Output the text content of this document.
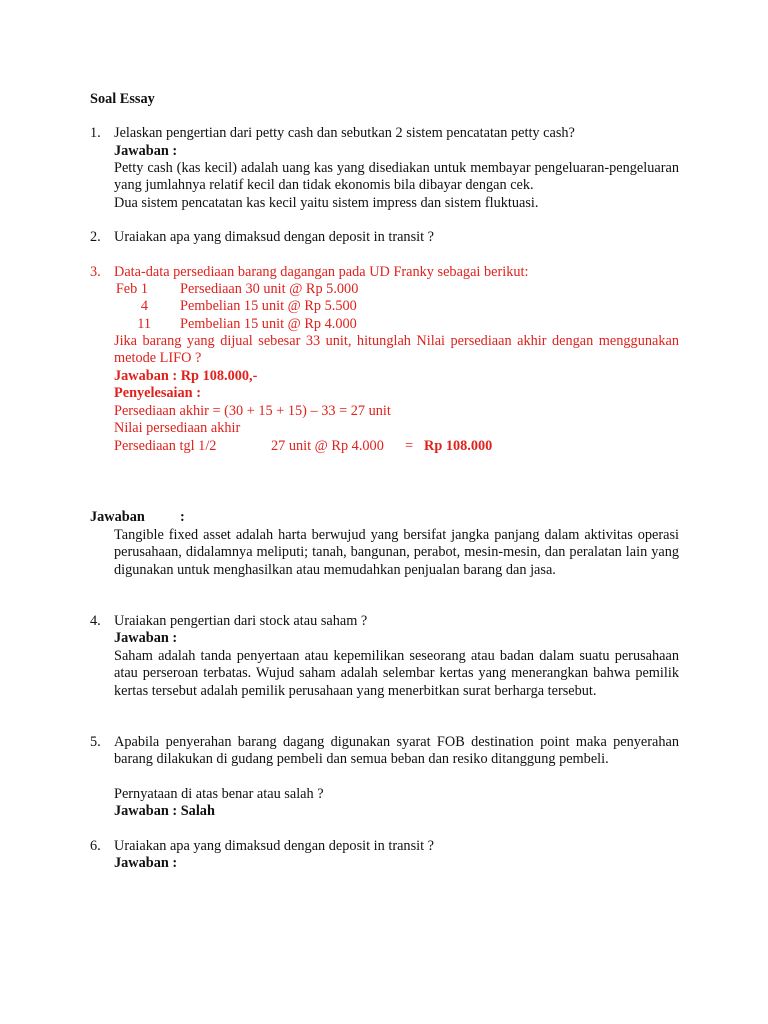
Soal Essay
1. Jelaskan pengertian dari petty cash dan sebutkan 2 sistem pencatatan petty cash?
Jawaban :

Petty cash (kas kecil) adalah uang kas yang disediakan untuk membayar pengeluaran-pengeluaran yang jumlahnya relatif kecil dan tidak ekonomis bila dibayar dengan cek.

Dua sistem pencatatan kas kecil yaitu sistem impress dan sistem fluktuasi.

2. Uraiakan apa yang dimaksud dengan deposit in transit ?
3. Data-data persediaan barang dagangan pada UD Franky sebagai berikut:
Feb 1 Persediaan 30 unit @ Rp 5.000
4 Pembelian 15 unit @ Rp 5.500
11 Pembelian 15 unit @ Rp 4.000
Jika barang yang dijual sebesar 33 unit, hitunglah Nilai persediaan akhir dengan menggunakan metode LIFO ?
Jawaban : Rp 108.000,-
Penyelesaian :
Persediaan akhir = (30 + 15 + 15) – 33 = 27 unit
Nilai persediaan akhir
Persediaan tgl 1/2	27 unit @ Rp 4.000 = Rp 108.000
Jawaban :
Tangible fixed asset adalah harta berwujud yang bersifat jangka panjang dalam aktivitas operasi perusahaan, didalamnya meliputi; tanah, bangunan, perabot, mesin-mesin, dan peralatan lain yang digunakan untuk menghasilkan atau memudahkan penjualan barang dan jasa.
4. Uraiakan pengertian dari stock atau saham ?
Jawaban :
Saham adalah tanda penyertaan atau kepemilikan seseorang atau badan dalam suatu perusahaan atau perseroan terbatas. Wujud saham adalah selembar kertas yang menerangkan bahwa pemilik kertas tersebut adalah pemilik perusahaan yang menerbitkan surat berharga tersebut.
5. Apabila penyerahan barang dagang digunakan syarat FOB destination point maka penyerahan barang dilakukan di gudang pembeli dan semua beban dan resiko ditanggung pembeli.
Pernyataan di atas benar atau salah ?
Jawaban : Salah
6. Uraiakan apa yang dimaksud dengan deposit in transit ?
Jawaban :
